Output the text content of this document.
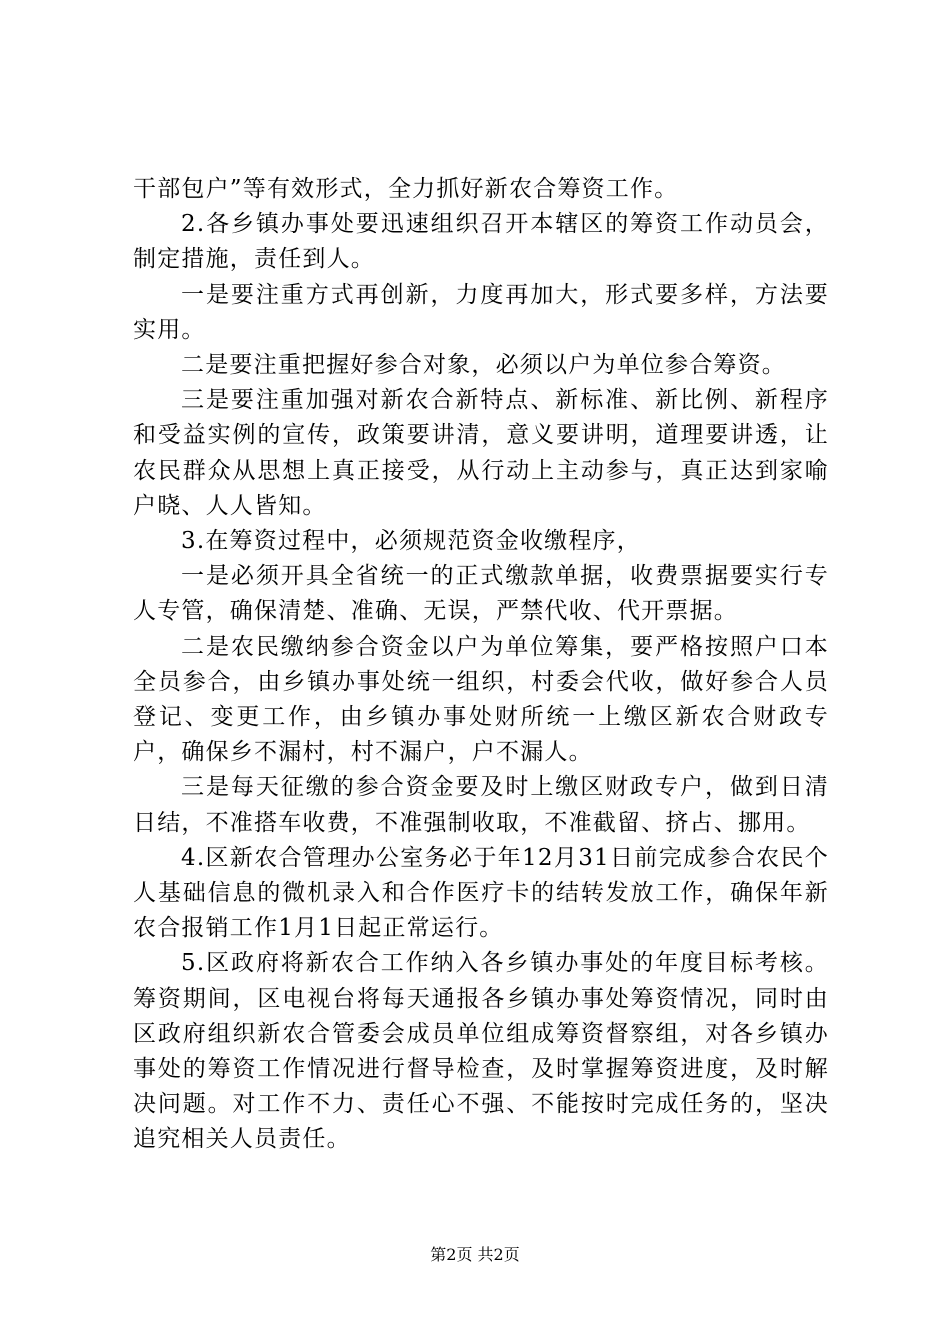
干部包户”等有效形式，全力抓好新农合筹资工作。

2.各乡镇办事处要迅速组织召开本辖区的筹资工作动员会，制定措施，责任到人。

一是要注重方式再创新，力度再加大，形式要多样，方法要实用。

二是要注重把握好参合对象，必须以户为单位参合筹资。

三是要注重加强对新农合新特点、新标准、新比例、新程序和受益实例的宣传，政策要讲清，意义要讲明，道理要讲透，让农民群众从思想上真正接受，从行动上主动参与，真正达到家喻户晓、人人皆知。

3.在筹资过程中，必须规范资金收缴程序，

一是必须开具全省统一的正式缴款单据，收费票据要实行专人专管，确保清楚、准确、无误，严禁代收、代开票据。

二是农民缴纳参合资金以户为单位筹集，要严格按照户口本全员参合，由乡镇办事处统一组织，村委会代收，做好参合人员登记、变更工作，由乡镇办事处财所统一上缴区新农合财政专户，确保乡不漏村，村不漏户，户不漏人。

三是每天征缴的参合资金要及时上缴区财政专户，做到日清日结，不准搭车收费，不准强制收取，不准截留、挤占、挪用。

4.区新农合管理办公室务必于年12月31日前完成参合农民个人基础信息的微机录入和合作医疗卡的结转发放工作，确保年新农合报销工作1月1日起正常运行。

5.区政府将新农合工作纳入各乡镇办事处的年度目标考核。筹资期间，区电视台将每天通报各乡镇办事处筹资情况，同时由区政府组织新农合管委会成员单位组成筹资督察组，对各乡镇办事处的筹资工作情况进行督导检查，及时掌握筹资进度，及时解决问题。对工作不力、责任心不强、不能按时完成任务的，坚决追究相关人员责任。

第2页 共2页
